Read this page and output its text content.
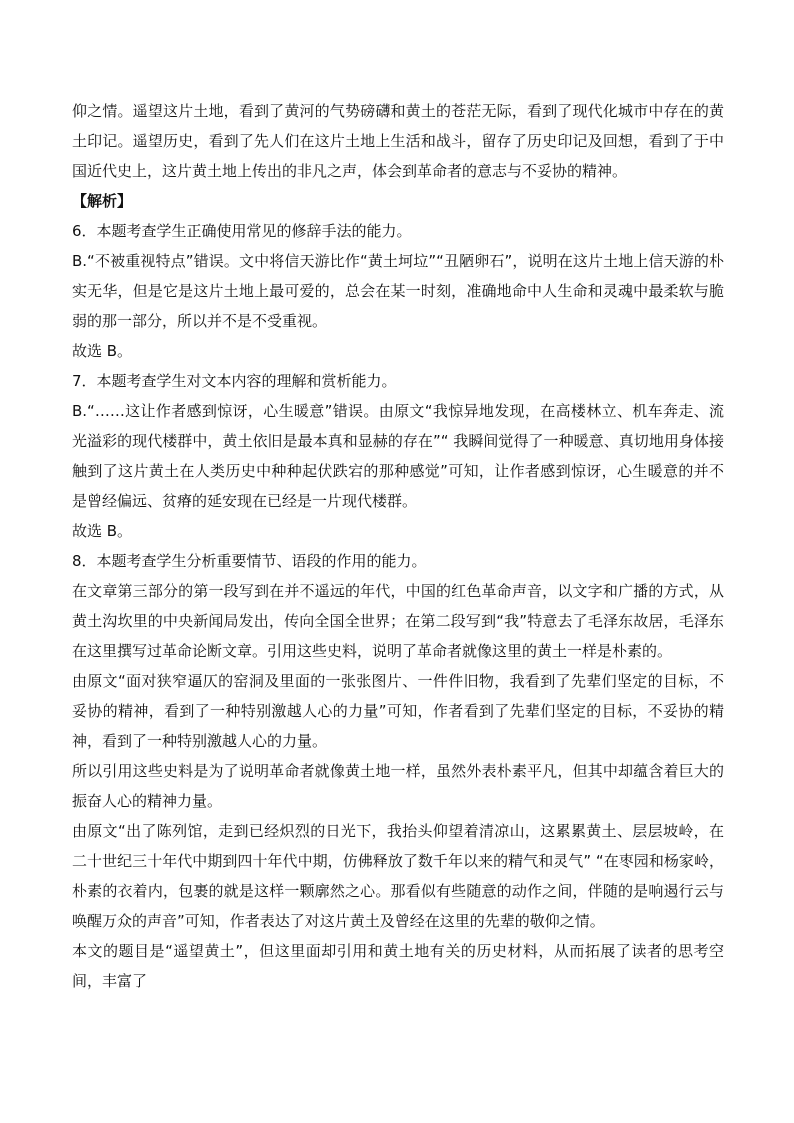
仰之情。遥望这片土地，看到了黄河的气势磅礴和黄土的苍茫无际，看到了现代化城市中存在的黄土印记。遥望历史，看到了先人们在这片土地上生活和战斗，留存了历史印记及回想，看到了于中国近代史上，这片黄土地上传出的非凡之声，体会到革命者的意志与不妥协的精神。

【解析】

6．本题考查学生正确使用常见的修辞手法的能力。

B.“不被重视特点”错误。文中将信天游比作“黄土坷垃”“丑陋卵石”，说明在这片土地上信天游的朴实无华，但是它是这片土地上最可爱的，总会在某一时刻，准确地命中人生命和灵魂中最柔软与脆弱的那一部分，所以并不是不受重视。

故选 B。

7．本题考查学生对文本内容的理解和赏析能力。

B.“……这让作者感到惊讶，心生暖意”错误。由原文“我惊异地发现，在高楼林立、机车奔走、流光溢彩的现代楼群中，黄土依旧是最本真和显赫的存在”“ 我瞬间觉得了一种暖意、真切地用身体接触到了这片黄土在人类历史中种种起伏跌宕的那种感觉”可知，让作者感到惊讶，心生暖意的并不是曾经偏远、贫瘠的延安现在已经是一片现代楼群。

故选 B。

8．本题考查学生分析重要情节、语段的作用的能力。

在文章第三部分的第一段写到在并不遥远的年代，中国的红色革命声音，以文字和广播的方式，从黄土沟坎里的中央新闻局发出，传向全国全世界；在第二段写到“我”特意去了毛泽东故居，毛泽东在这里撰写过革命论断文章。引用这些史料，说明了革命者就像这里的黄土一样是朴素的。

由原文“面对狭窄逼仄的窑洞及里面的一张张图片、一件件旧物，我看到了先辈们坚定的目标，不妥协的精神，看到了一种特别激越人心的力量”可知，作者看到了先辈们坚定的目标，不妥协的精神，看到了一种特别激越人心的力量。

所以引用这些史料是为了说明革命者就像黄土地一样，虽然外表朴素平凡，但其中却蕴含着巨大的振奋人心的精神力量。

由原文“出了陈列馆，走到已经炽烈的日光下，我抬头仰望着清凉山，这累累黄土、层层坡岭，在二十世纪三十年代中期到四十年代中期，仿佛释放了数千年以来的精气和灵气” “在枣园和杨家岭，朴素的衣着内，包裹的就是这样一颗廓然之心。那看似有些随意的动作之间，伴随的是响遏行云与唤醒万众的声音”可知，作者表达了对这片黄土及曾经在这里的先辈的敬仰之情。

本文的题目是“遥望黄土”，但这里面却引用和黄土地有关的历史材料，从而拓展了读者的思考空间，丰富了
